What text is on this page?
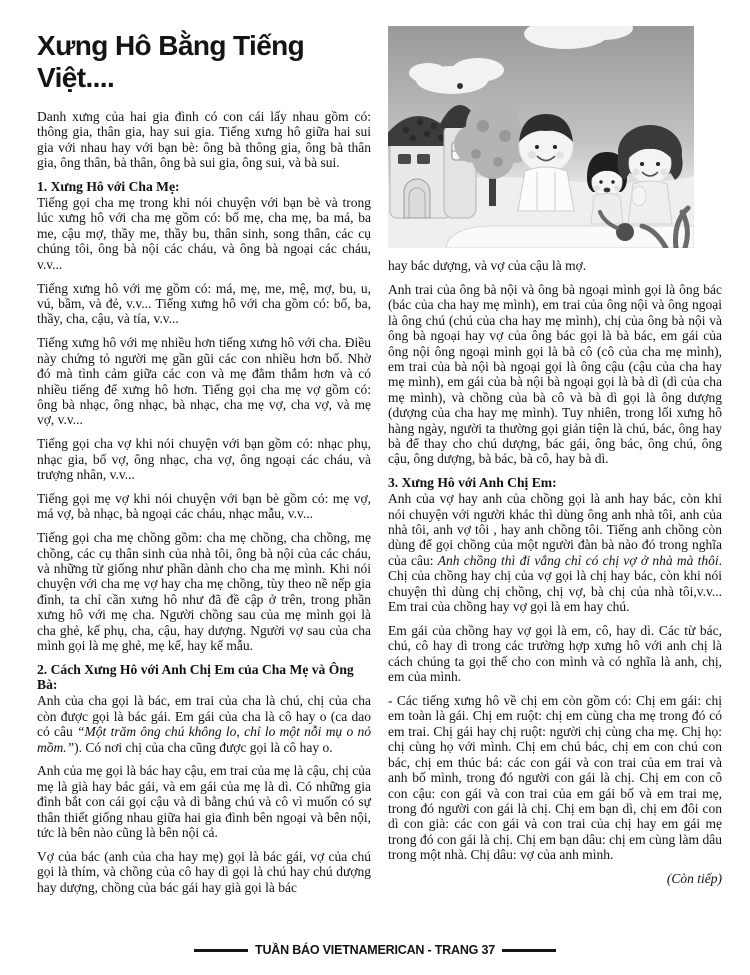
Xưng Hô Bằng Tiếng Việt....

Danh xưng của hai gia đình có con cái lấy nhau gồm có: thông gia, thân gia, hay sui gia. Tiếng xưng hô giữa hai sui gia với nhau hay với bạn bè: ông bà thông gia, ông bà thân gia, ông thân, bà thân, ông bà sui gia, ông sui, và bà sui.

1. Xưng Hô với Cha Mẹ:

Tiếng gọi cha mẹ trong khi nói chuyện với bạn bè và trong lúc xưng hô với cha mẹ gồm có: bố mẹ, cha mẹ, ba má, ba me, cậu mợ, thầy me, thầy bu, thân sinh, song thân, các cụ chúng tôi, ông bà nội các cháu, và ông bà ngoại các cháu, v.v...

Tiếng xưng hô với mẹ gồm có: má, mẹ, me, mệ, mợ, bu, u, vú, bầm, và đẻ, v.v... Tiếng xưng hô với cha gồm có: bố, ba, thầy, cha, cậu, và tía, v.v...

Tiếng xưng hô với mẹ nhiều hơn tiếng xưng hô với cha. Điều này chứng tỏ người mẹ gần gũi các con nhiều hơn bố. Nhờ đó mà tình cảm giữa các con và mẹ đằm thắm hơn và có nhiều tiếng để xưng hô hơn. Tiếng gọi cha mẹ vợ gồm có: ông bà nhạc, ông nhạc, bà nhạc, cha mẹ vợ, cha vợ, và mẹ vợ, v.v...

Tiếng gọi cha vợ khi nói chuyện với bạn gồm có: nhạc phụ, nhạc gia, bố vợ, ông nhạc, cha vợ, ông ngoại các cháu, và trượng nhân, v.v...

Tiếng gọi mẹ vợ khi nói chuyện với bạn bè gồm có: mẹ vợ, má vợ, bà nhạc, bà ngoại các cháu, nhạc mẫu, v.v...

Tiếng gọi cha mẹ chồng gồm: cha mẹ chồng, cha chồng, mẹ chồng, các cụ thân sinh của nhà tôi, ông bà nội của các cháu, và những từ giống như phần dành cho cha mẹ mình. Khi nói chuyện với cha mẹ vợ hay cha mẹ chồng, tùy theo nề nếp gia đình, ta chỉ cần xưng hô như đã đề cập ở trên, trong phần xưng hô với mẹ cha. Người chồng sau của mẹ mình gọi là cha ghẻ, kế phụ, cha, cậu, hay dượng. Người vợ sau của cha mình gọi là mẹ ghẻ, mẹ kế, hay kế mẫu.

2. Cách Xưng Hô với Anh Chị Em của Cha Mẹ và Ông Bà:

Anh của cha gọi là bác, em trai của cha là chú, chị của cha còn được gọi là bác gái. Em gái của cha là cô hay o (ca dao có câu “Một trăm ông chú không lo, chỉ lo một nỗi mụ o nỏ mồm.”). Có nơi chị của cha cũng được gọi là cô hay o.

Anh của mẹ gọi là bác hay cậu, em trai của mẹ là cậu, chị của mẹ là già hay bác gái, và em gái của mẹ là dì. Có những gia đình bắt con cái gọi cậu và dì bằng chú và cô vì muốn có sự thân thiết giống nhau giữa hai gia đình bên ngoại và bên nội, tức là bên nào cũng là bên nội cả.

Vợ của bác (anh của cha hay mẹ) gọi là bác gái, vợ của chú gọi là thím, và chồng của cô hay dì gọi là chú hay chú dượng hay dượng, chồng của bác gái hay già gọi là bác

hay bác dượng, và vợ của cậu là mợ.

Anh trai của ông bà nội và ông bà ngoại mình gọi là ông bác (bác của cha hay mẹ mình), em trai của ông nội và ông ngoại là ông chú (chú của cha hay mẹ mình), chị của ông bà nội và ông bà ngoại hay vợ của ông bác gọi là bà bác, em gái của ông nội ông ngoại mình gọi là bà cô (cô của cha mẹ mình), em trai của bà nội bà ngoại gọi là ông cậu (cậu của cha hay mẹ mình), em gái của bà nội bà ngoại gọi là bà dì (dì của cha mẹ mình), và chồng của bà cô và bà dì gọi là ông dượng (dượng của cha hay mẹ mình). Tuy nhiên, trong lối xưng hô hàng ngày, người ta thường gọi giản tiện là chú, bác, ông hay bà để thay cho chú dượng, bác gái, ông bác, ông chú, ông cậu, ông dượng, bà bác, bà cô, hay bà dì.

3. Xưng Hô với Anh Chị Em:

Anh của vợ hay anh của chồng gọi là anh hay bác, còn khi nói chuyện với người khác thì dùng ông anh nhà tôi, anh của nhà tôi, anh vợ tôi , hay anh chồng tôi. Tiếng anh chồng còn dùng để gọi chồng của một người đàn bà nào đó trong nghĩa của câu: Anh chồng thì đi vắng chỉ có chị vợ ở nhà mà thôi. Chị của chồng hay chị của vợ gọi là chị hay bác, còn khi nói chuyện thì dùng chị chồng, chị vợ, bà chị của nhà tôi,v.v... Em trai của chồng hay vợ gọi là em hay chú.

Em gái của chồng hay vợ gọi là em, cô, hay dì. Các từ bác, chú, cô hay dì trong các trường hợp xưng hô với anh chị là cách chúng ta gọi thế cho con mình và có nghĩa là anh, chị, em của mình.

- Các tiếng xưng hô về chị em còn gồm có: Chị em gái: chị em toàn là gái. Chị em ruột: chị em cùng cha mẹ trong đó có em trai. Chị gái hay chị ruột: người chị cùng cha mẹ. Chị họ: chị cùng họ với mình. Chị em chú bác, chị em con chú con bác, chị em thúc bá: các con gái và con trai của em trai và anh bố mình, trong đó người con gái là chị. Chị em con cô con cậu: con gái và con trai của em gái bố và em trai mẹ, trong đó người con gái là chị. Chị em bạn dì, chị em đôi con dì con già: các con gái và con trai của chị hay em gái mẹ trong đó con gái là chị. Chị em bạn dâu: chị em cùng làm dâu trong một nhà. Chị dâu: vợ của anh mình.

(Còn tiếp)

TUẦN BÁO VIETNAMERICAN - TRANG 37
